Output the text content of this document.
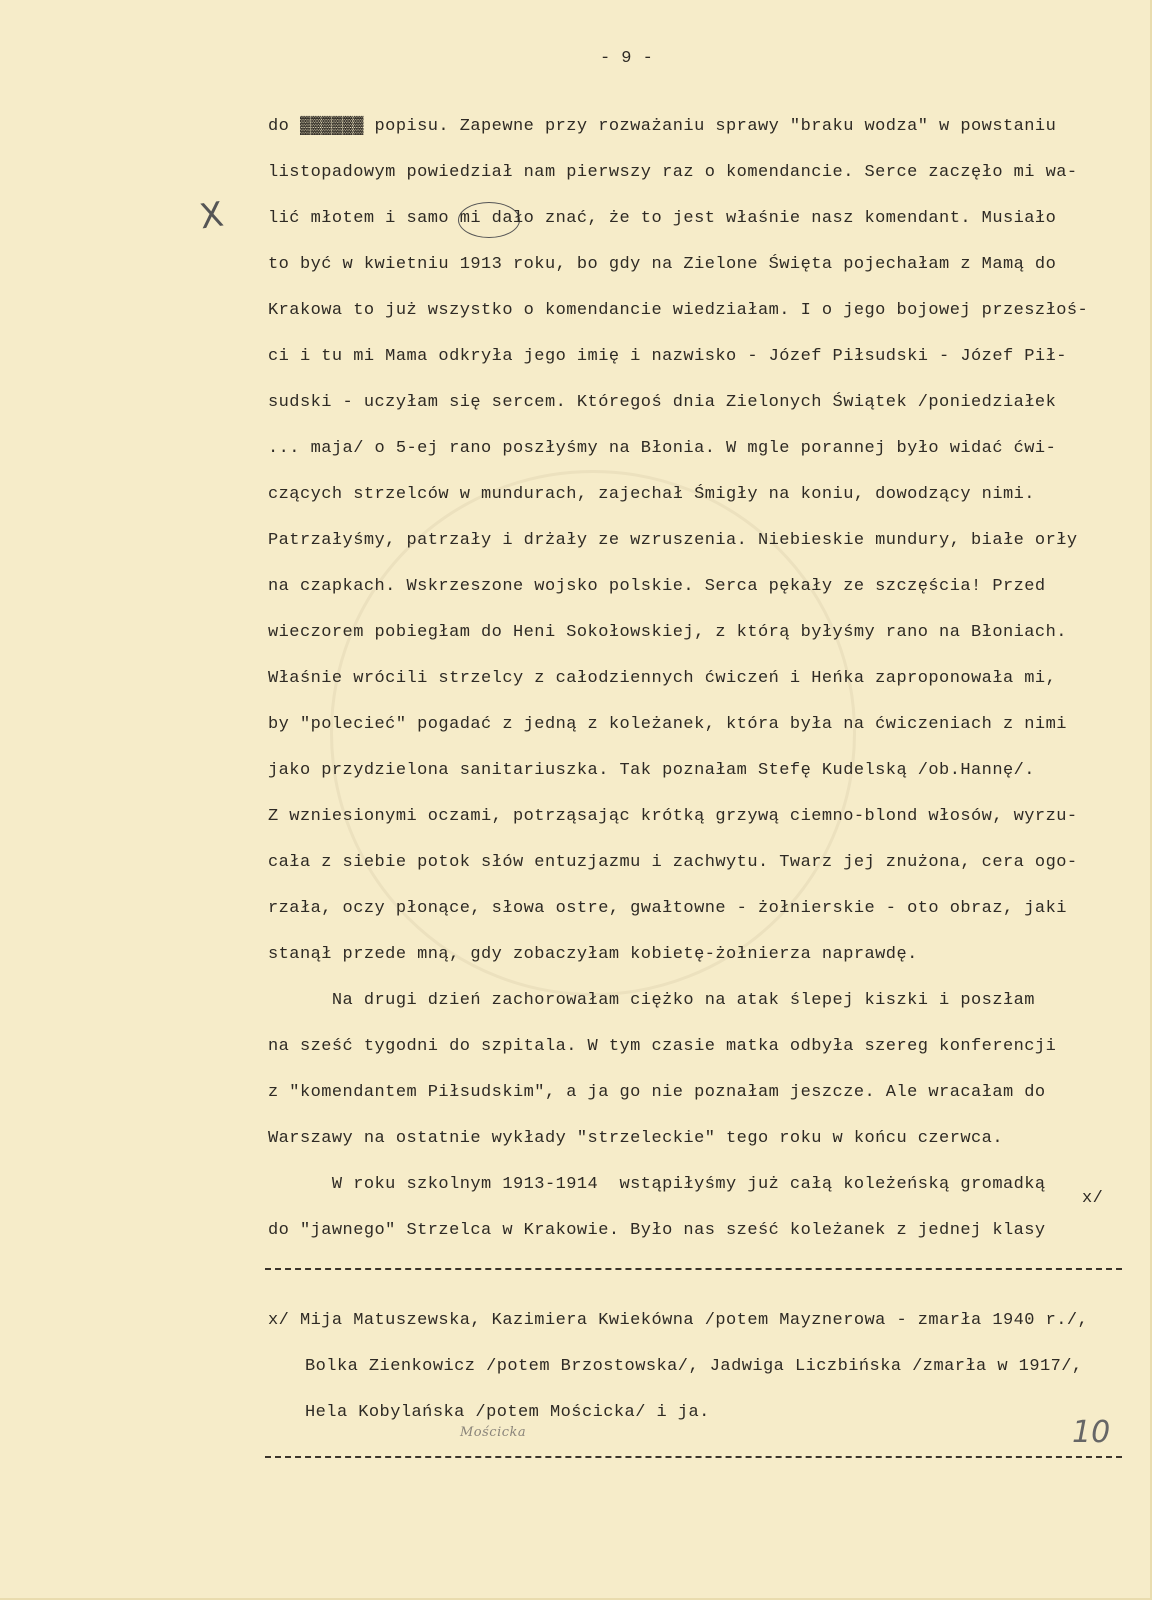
- 9 -
X
do ▓▓▓▓▓▓ popisu. Zapewne przy rozważaniu sprawy "braku wodza" w powstaniu
listopadowym powiedział nam pierwszy raz o komendancie. Serce zaczęło mi wa-
lić młotem i samo mi dało znać, że to jest właśnie nasz komendant. Musiało
to być w kwietniu 1913 roku, bo gdy na Zielone Święta pojechałam z Mamą do
Krakowa to już wszystko o komendancie wiedziałam. I o jego bojowej przeszłoś-
ci i tu mi Mama odkryła jego imię i nazwisko - Józef Piłsudski - Józef Pił-
sudski - uczyłam się sercem. Któregoś dnia Zielonych Świątek /poniedziałek
... maja/ o 5-ej rano poszłyśmy na Błonia. W mgle porannej było widać ćwi-
czących strzelców w mundurach, zajechał Śmigły na koniu, dowodzący nimi.
Patrzałyśmy, patrzały i drżały ze wzruszenia. Niebieskie mundury, białe orły
na czapkach. Wskrzeszone wojsko polskie. Serca pękały ze szczęścia! Przed
wieczorem pobiegłam do Heni Sokołowskiej, z którą byłyśmy rano na Błoniach.
Właśnie wrócili strzelcy z całodziennych ćwiczeń i Heńka zaproponowała mi,
by "polecieć" pogadać z jedną z koleżanek, która była na ćwiczeniach z nimi
jako przydzielona sanitariuszka. Tak poznałam Stefę Kudelską /ob.Hannę/.
Z wzniesionymi oczami, potrząsając krótką grzywą ciemno-blond włosów, wyrzu-
cała z siebie potok słów entuzjazmu i zachwytu. Twarz jej znużona, cera ogo-
rzała, oczy płonące, słowa ostre, gwałtowne - żołnierskie - oto obraz, jaki
stanął przede mną, gdy zobaczyłam kobietę-żołnierza naprawdę.
Na drugi dzień zachorowałam ciężko na atak ślepej kiszki i poszłam
na sześć tygodni do szpitala. W tym czasie matka odbyła szereg konferencji
z "komendantem Piłsudskim", a ja go nie poznałam jeszcze. Ale wracałam do
Warszawy na ostatnie wykłady "strzeleckie" tego roku w końcu czerwca.
W roku szkolnym 1913-1914  wstąpiłyśmy już całą koleżeńską gromadką
x/
do "jawnego" Strzelca w Krakowie. Było nas sześć koleżanek z jednej klasy
x/ Mija Matuszewska, Kazimiera Kwiekówna /potem Mayznerowa - zmarła 1940 r./,
Bolka Zienkowicz /potem Brzostowska/, Jadwiga Liczbińska /zmarła w 1917/,
Hela Kobylańska /potem Mościcka/ i ja.
Mościcka	10
